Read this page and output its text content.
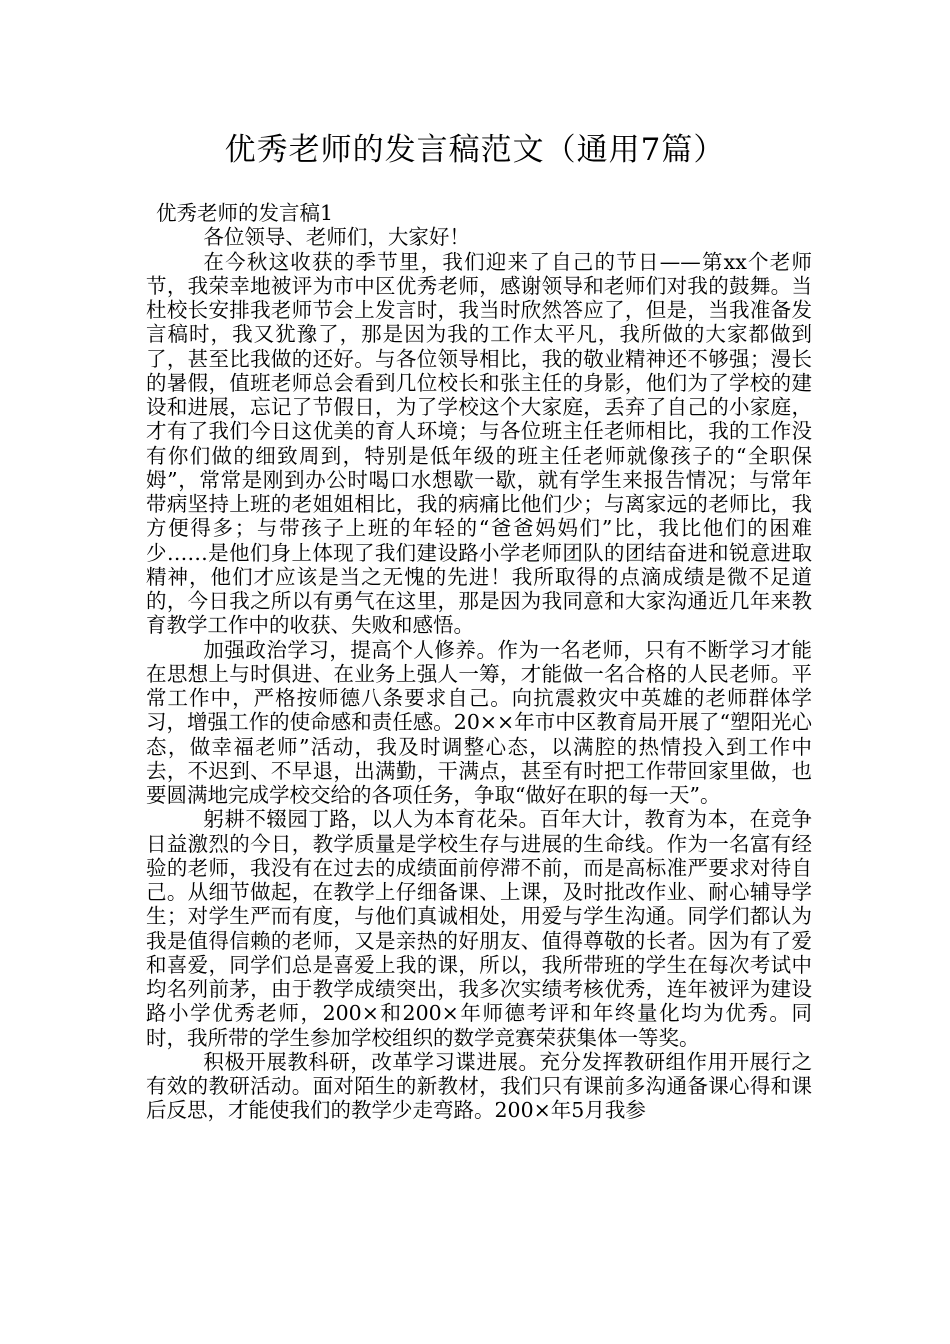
优秀老师的发言稿范文（通用7篇）

优秀老师的发言稿1

各位领导、老师们，大家好！

在今秋这收获的季节里，我们迎来了自己的节日——第xx个老师节，我荣幸地被评为市中区优秀老师，感谢领导和老师们对我的鼓舞。当杜校长安排我老师节会上发言时，我当时欣然答应了，但是，当我准备发言稿时，我又犹豫了，那是因为我的工作太平凡，我所做的大家都做到了，甚至比我做的还好。与各位领导相比，我的敬业精神还不够强；漫长的暑假，值班老师总会看到几位校长和张主任的身影，他们为了学校的建设和进展，忘记了节假日，为了学校这个大家庭，丢弃了自己的小家庭，才有了我们今日这优美的育人环境；与各位班主任老师相比，我的工作没有你们做的细致周到，特别是低年级的班主任老师就像孩子的“全职保姆”，常常是刚到办公时喝口水想歇一歇，就有学生来报告情况；与常年带病坚持上班的老姐姐相比，我的病痛比他们少；与离家远的老师比，我方便得多；与带孩子上班的年轻的“爸爸妈妈们”比，我比他们的困难少……是他们身上体现了我们建设路小学老师团队的团结奋进和锐意进取精神，他们才应该是当之无愧的先进！我所取得的点滴成绩是微不足道的，今日我之所以有勇气在这里，那是因为我同意和大家沟通近几年来教育教学工作中的收获、失败和感悟。

加强政治学习，提高个人修养。作为一名老师，只有不断学习才能在思想上与时俱进、在业务上强人一筹，才能做一名合格的人民老师。平常工作中，严格按师德八条要求自己。向抗震救灾中英雄的老师群体学习，增强工作的使命感和责任感。20××年市中区教育局开展了“塑阳光心态，做幸福老师”活动，我及时调整心态，以满腔的热情投入到工作中去，不迟到、不早退，出满勤，干满点，甚至有时把工作带回家里做，也要圆满地完成学校交给的各项任务，争取“做好在职的每一天”。

躬耕不辍园丁路，以人为本育花朵。百年大计，教育为本，在竞争日益激烈的今日，教学质量是学校生存与进展的生命线。作为一名富有经验的老师，我没有在过去的成绩面前停滞不前，而是高标准严要求对待自己。从细节做起，在教学上仔细备课、上课，及时批改作业、耐心辅导学生；对学生严而有度，与他们真诚相处，用爱与学生沟通。同学们都认为我是值得信赖的老师，又是亲热的好朋友、值得尊敬的长者。因为有了爱和喜爱，同学们总是喜爱上我的课，所以，我所带班的学生在每次考试中均名列前茅，由于教学成绩突出，我多次实绩考核优秀，连年被评为建设路小学优秀老师，200×和200×年师德考评和年终量化均为优秀。同时，我所带的学生参加学校组织的数学竞赛荣获集体一等奖。

积极开展教科研，改革学习谍进展。充分发挥教研组作用开展行之有效的教研活动。面对陌生的新教材，我们只有课前多沟通备课心得和课后反思，才能使我们的教学少走弯路。200×年5月我参
